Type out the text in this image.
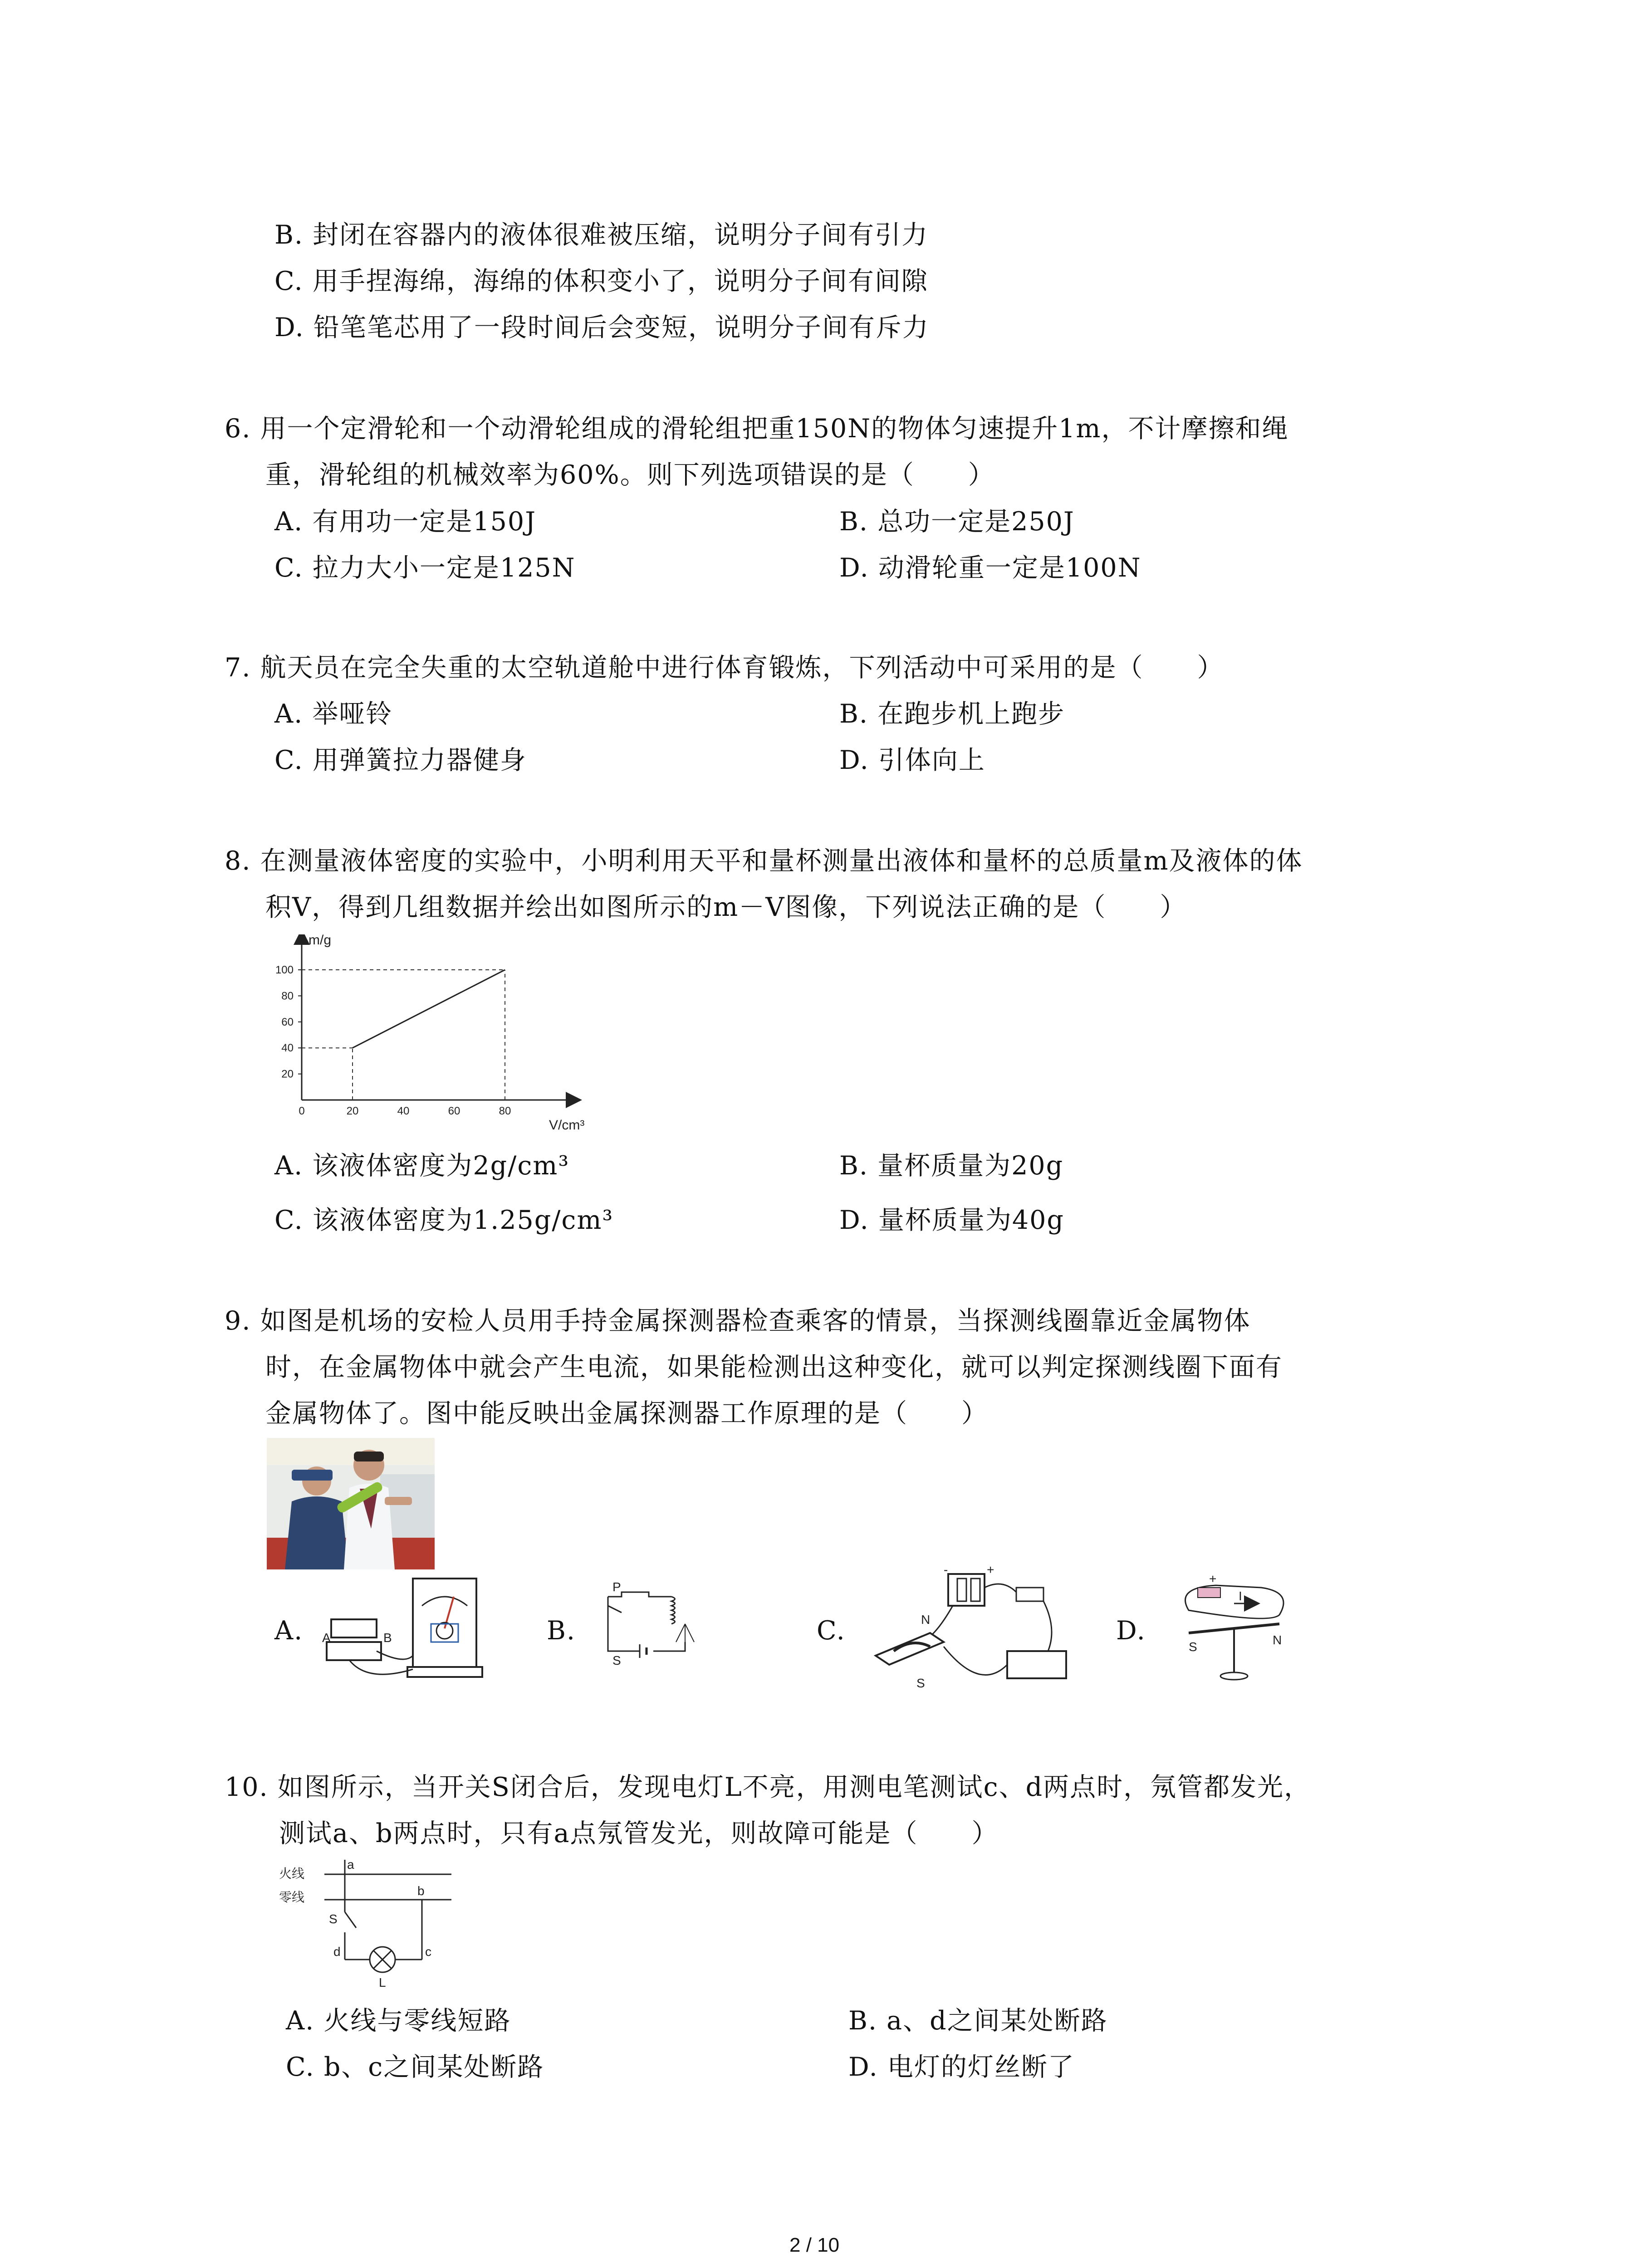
B. 封闭在容器内的液体很难被压缩，说明分子间有引力
C. 用手捏海绵，海绵的体积变小了，说明分子间有间隙
D. 铅笔笔芯用了一段时间后会变短，说明分子间有斥力
6. 用一个定滑轮和一个动滑轮组成的滑轮组把重150N的物体匀速提升1m，不计摩擦和绳
重，滑轮组的机械效率为60%。则下列选项错误的是（　　）
A. 有用功一定是150J	B. 总功一定是250J
C. 拉力大小一定是125N	D. 动滑轮重一定是100N
7. 航天员在完全失重的太空轨道舱中进行体育锻炼，下列活动中可采用的是（　　）
A. 举哑铃	B. 在跑步机上跑步
C. 用弹簧拉力器健身	D. 引体向上
8. 在测量液体密度的实验中，小明利用天平和量杯测量出液体和量杯的总质量m及液体的体
积V，得到几组数据并绘出如图所示的m－V图像，下列说法正确的是（　　）
0	20	40	60	80
20
40
60
80
100
m/g
V/cm³
A. 该液体密度为2g/cm³	B. 量杯质量为20g
C. 该液体密度为1.25g/cm³	D. 量杯质量为40g
9. 如图是机场的安检人员用手持金属探测器检查乘客的情景，当探测线圈靠近金属物体
时，在金属物体中就会产生电流，如果能检测出这种变化，就可以判定探测线圈下面有
金属物体了。图中能反映出金属探测器工作原理的是（　　）
A. A	B	B.
P
S
C.	N
S
+
-
D.
+
I
S	N
10. 如图所示，当开关S闭合后，发现电灯L不亮，用测电笔测试c、d两点时，氖管都发光，
测试a、b两点时，只有a点氖管发光，则故障可能是（　　）
火线
零线
a
b
S
d	c
L
A. 火线与零线短路	B. a、d之间某处断路
C. b、c之间某处断路	D. 电灯的灯丝断了
2 / 10
